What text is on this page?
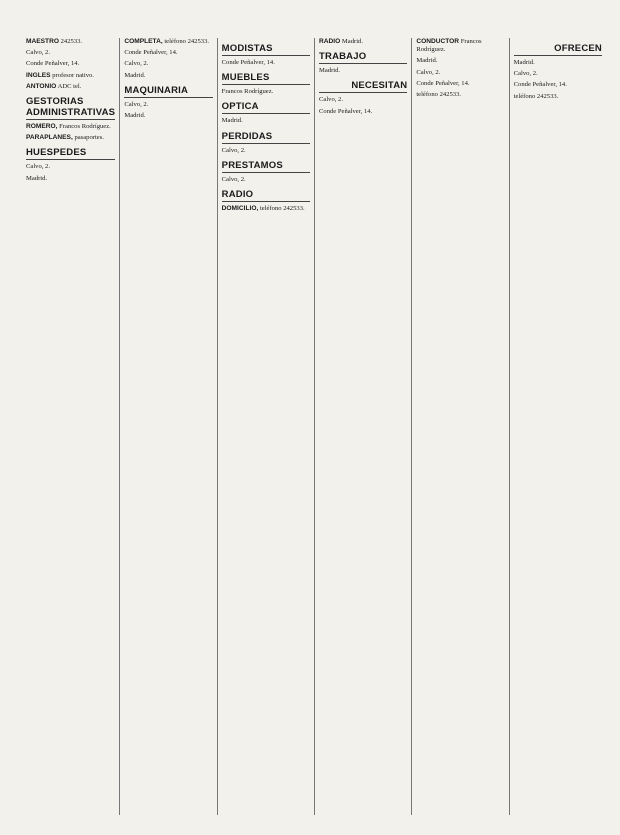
MAESTRO 242533.
Calvo, 2.
Conde Peñalver, 14.
INGLES profesor nativo.
ANTONIO ADC tel.
GESTORIAS ADMINISTRATIVAS
ROMERO, Francos Rodríguez.
PARAPLANES, pasaportes.
HUESPEDES
Calvo, 2.
Madrid.
COMPLETA, teléfono 242533.
Conde Peñalver, 14.
Calvo, 2.
Madrid.
MAQUINARIA
Calvo, 2.
Madrid.
MODISTAS
Conde Peñalver, 14.
MUEBLES
Francos Rodríguez.
OPTICA
Madrid.
PERDIDAS
Calvo, 2.
PRESTAMOS
Calvo, 2.
RADIO
DOMICILIO, teléfono 242533.
RADIO Madrid.
TRABAJO
Madrid.
NECESITAN
Calvo, 2.
Conde Peñalver, 14.
CONDUCTOR Francos Rodríguez.
Madrid.
Calvo, 2.
Conde Peñalver, 14.
teléfono 242533.
OFRECEN
Madrid.
Calvo, 2.
Conde Peñalver, 14.
teléfono 242533.
